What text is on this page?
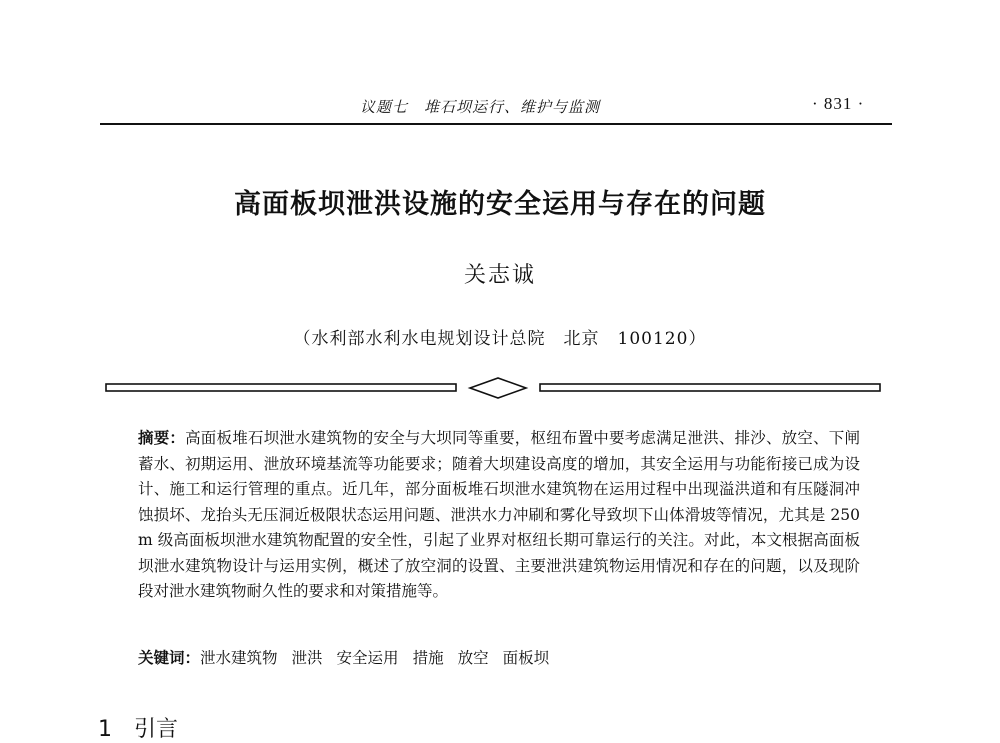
议题七　堆石坝运行、维护与监测	· 831 ·
高面板坝泄洪设施的安全运用与存在的问题
关志诚
（水利部水利水电规划设计总院　北京　100120）
摘要：高面板堆石坝泄水建筑物的安全与大坝同等重要，枢纽布置中要考虑满足泄洪、排沙、放空、下闸蓄水、初期运用、泄放环境基流等功能要求；随着大坝建设高度的增加，其安全运用与功能衔接已成为设计、施工和运行管理的重点。近几年，部分面板堆石坝泄水建筑物在运用过程中出现溢洪道和有压隧洞冲蚀损坏、龙抬头无压洞近极限状态运用问题、泄洪水力冲刷和雾化导致坝下山体滑坡等情况，尤其是 250 m 级高面板坝泄水建筑物配置的安全性，引起了业界对枢纽长期可靠运行的关注。对此，本文根据高面板坝泄水建筑物设计与运用实例，概述了放空洞的设置、主要泄洪建筑物运用情况和存在的问题，以及现阶段对泄水建筑物耐久性的要求和对策措施等。
关键词：泄水建筑物 泄洪 安全运用 措施 放空 面板坝
1 引言
